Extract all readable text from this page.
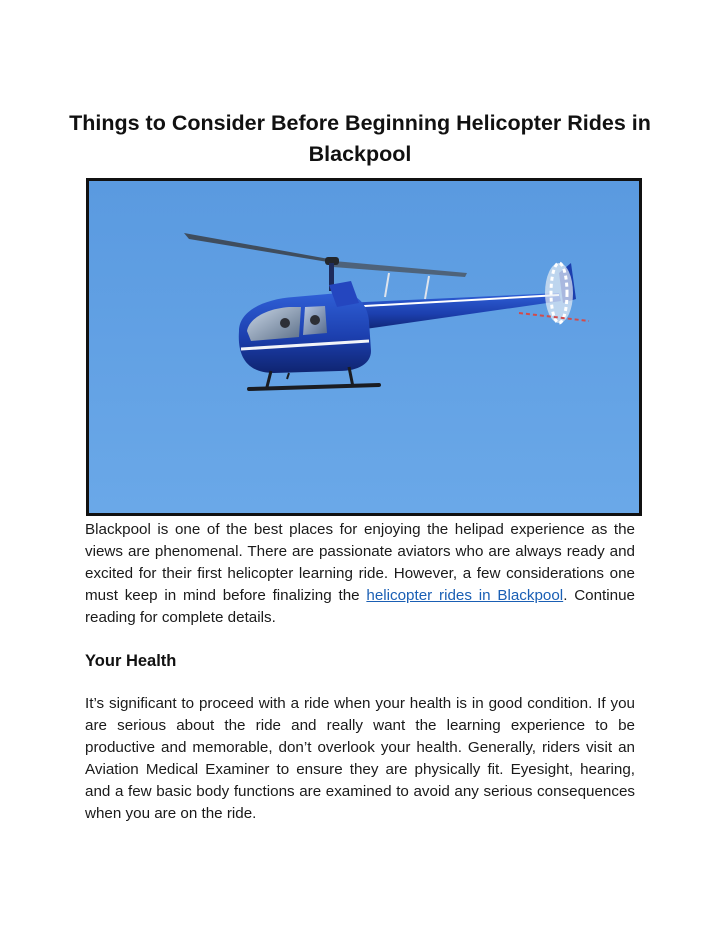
Things to Consider Before Beginning Helicopter Rides in Blackpool

Blackpool is one of the best places for enjoying the helipad experience as the views are phenomenal. There are passionate aviators who are always ready and excited for their first helicopter learning ride. However, a few considerations one must keep in mind before finalizing the helicopter rides in Blackpool. Continue reading for complete details.

Your Health

It’s significant to proceed with a ride when your health is in good condition. If you are serious about the ride and really want the learning experience to be productive and memorable, don’t overlook your health. Generally, riders visit an Aviation Medical Examiner to ensure they are physically fit. Eyesight, hearing, and a few basic body functions are examined to avoid any serious consequences when you are on the ride.
